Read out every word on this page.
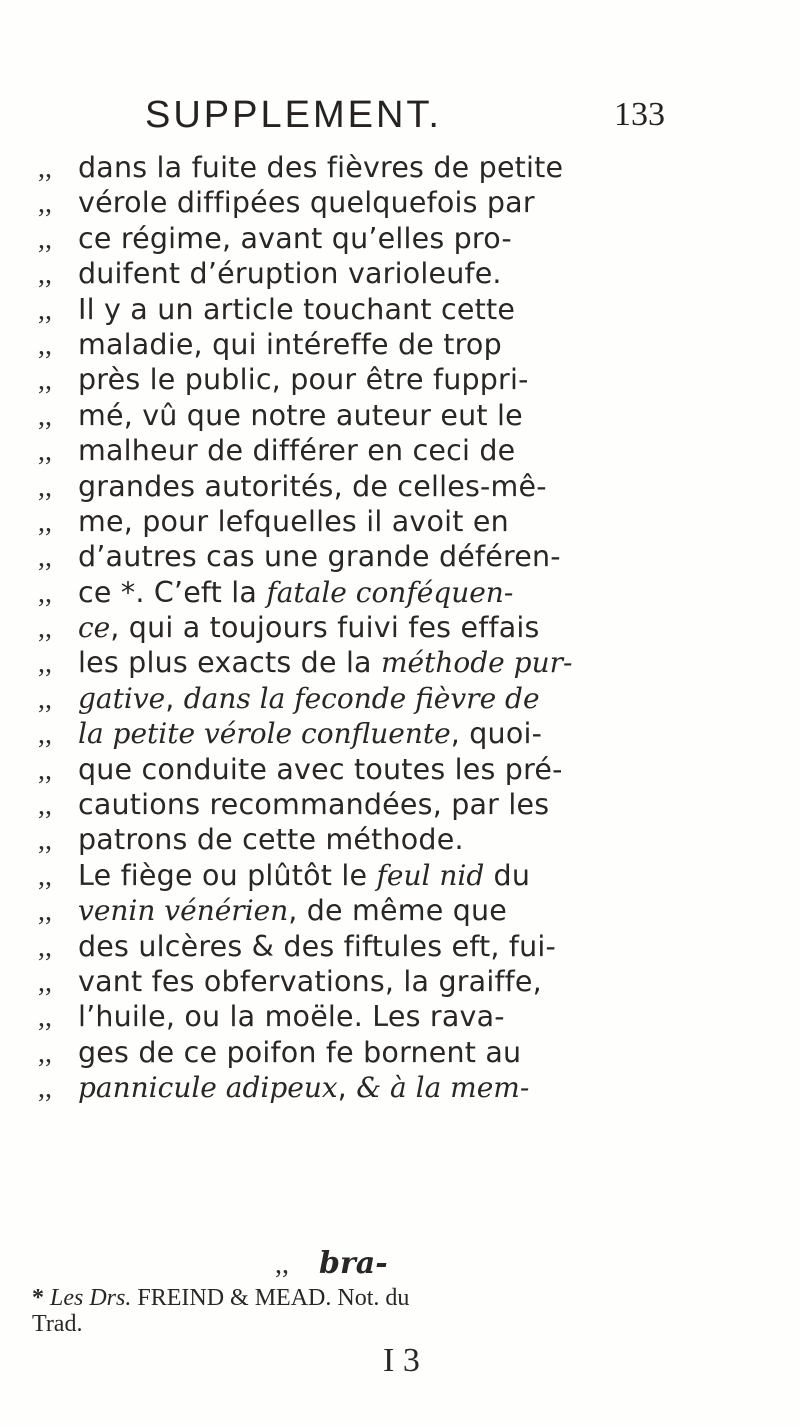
SUPPLEMENT.	133
,, dans la fuite des fièvres de petite
,, vérole diffipées quelquefois par
,, ce régime, avant qu’elles pro-
,, duifent d’éruption varioleufe.
,, Il y a un article touchant cette
,, maladie, qui intéreffe de trop
,, près le public, pour être fuppri-
,, mé, vû que notre auteur eut le
,, malheur de différer en ceci de
,, grandes autorités, de celles-mê-
,, me, pour lefquelles il avoit en
,, d’autres cas une grande déféren-
,, ce *. C’eft la fatale conféquen-
,, ce, qui a toujours fuivi fes effais
,, les plus exacts de la méthode pur-
,, gative, dans la feconde fièvre de
,, la petite vérole confluente, quoi-
,, que conduite avec toutes les pré-
,, cautions recommandées, par les
,, patrons de cette méthode.
,, Le fiège ou plûtôt le feul nid du
,, venin vénérien, de même que
,, des ulcères & des fiftules eft, fui-
,, vant fes obfervations, la graiffe,
,, l’huile, ou la moële. Les rava-
,, ges de ce poifon fe bornent au
,, pannicule adipeux, & à la mem-
,, bra-
* Les Drs. FREIND & MEAD. Not. du
Trad.
I 3
